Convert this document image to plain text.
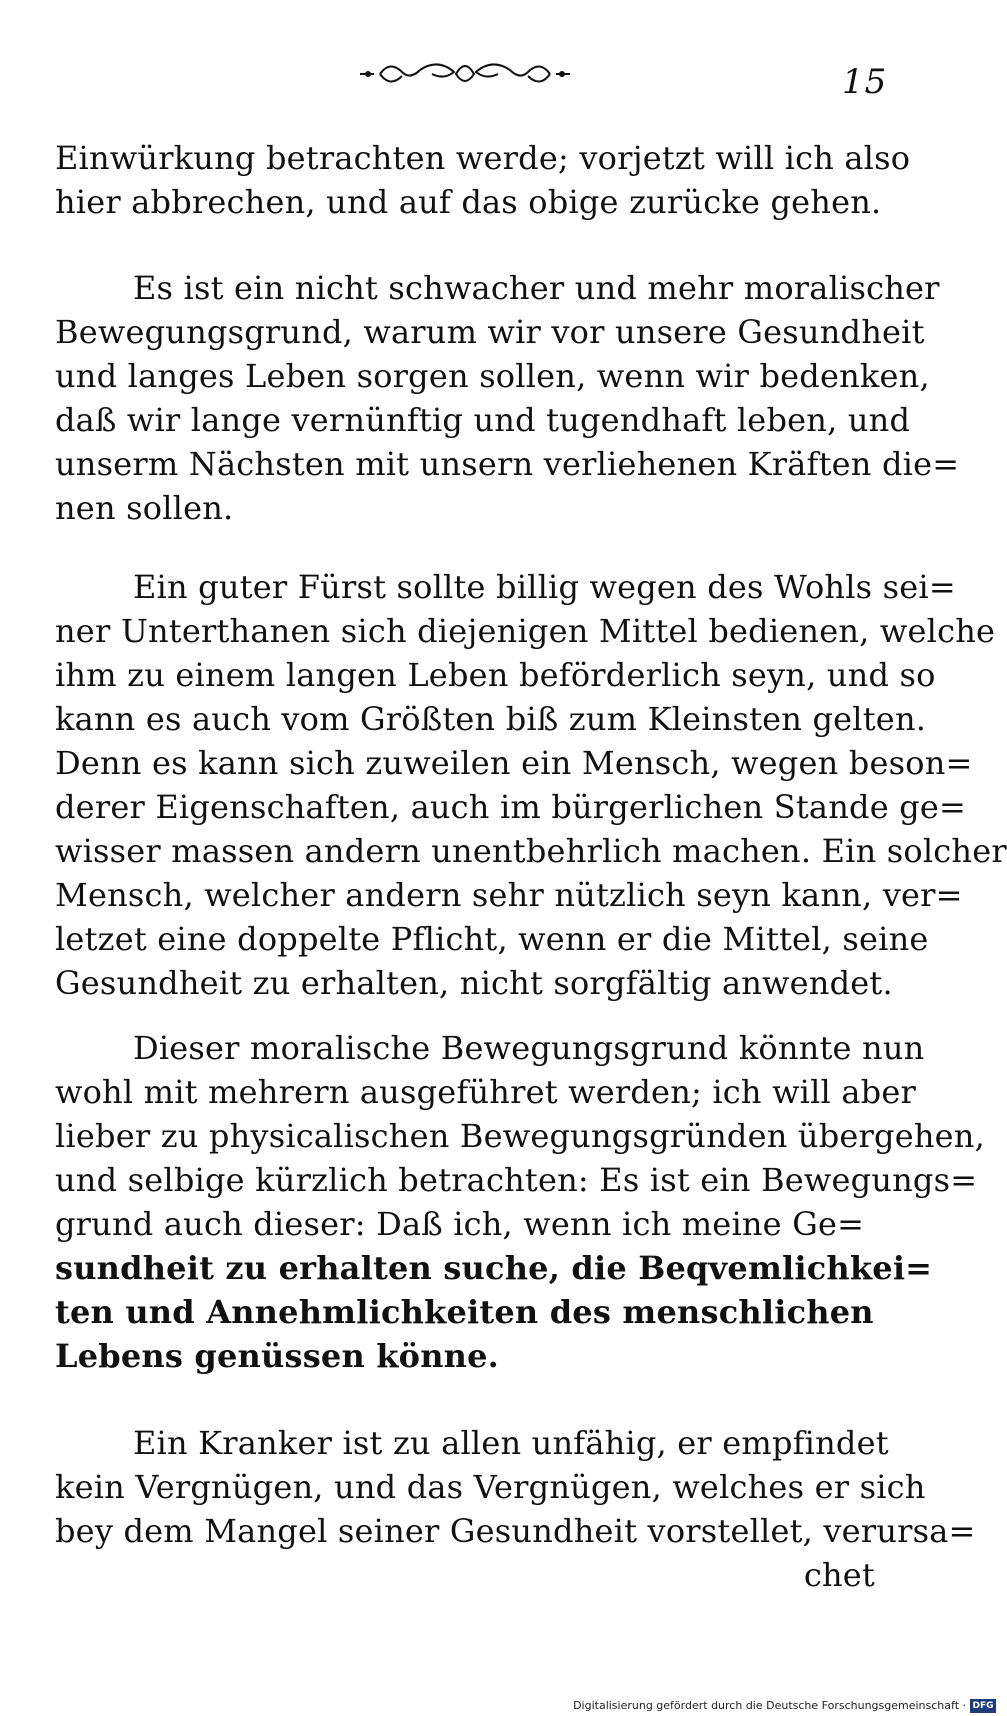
15
Einwürkung betrachten werde; vorjetzt will ich also
hier abbrechen, und auf das obige zurücke gehen.
Es ist ein nicht schwacher und mehr moralischer
Bewegungsgrund, warum wir vor unsere Gesundheit
und langes Leben sorgen sollen, wenn wir bedenken,
daß wir lange vernünftig und tugendhaft leben, und
unserm Nächsten mit unsern verliehenen Kräften die=
nen sollen.
Ein guter Fürst sollte billig wegen des Wohls sei=
ner Unterthanen sich diejenigen Mittel bedienen, welche
ihm zu einem langen Leben beförderlich seyn, und so
kann es auch vom Größten biß zum Kleinsten gelten.
Denn es kann sich zuweilen ein Mensch, wegen beson=
derer Eigenschaften, auch im bürgerlichen Stande ge=
wisser massen andern unentbehrlich machen. Ein solcher
Mensch, welcher andern sehr nützlich seyn kann, ver=
letzet eine doppelte Pflicht, wenn er die Mittel, seine
Gesundheit zu erhalten, nicht sorgfältig anwendet.
Dieser moralische Bewegungsgrund könnte nun
wohl mit mehrern ausgeführet werden; ich will aber
lieber zu physicalischen Bewegungsgründen übergehen,
und selbige kürzlich betrachten: Es ist ein Bewegungs=
grund auch dieser: Daß ich, wenn ich meine Ge=
sundheit zu erhalten suche, die Beqvemlichkei=
ten und Annehmlichkeiten des menschlichen
Lebens genüssen könne.
Ein Kranker ist zu allen unfähig, er empfindet
kein Vergnügen, und das Vergnügen, welches er sich
bey dem Mangel seiner Gesundheit vorstellet, verursa=
chet
Digitalisierung gefördert durch die Deutsche Forschungsgemeinschaft · DFG
